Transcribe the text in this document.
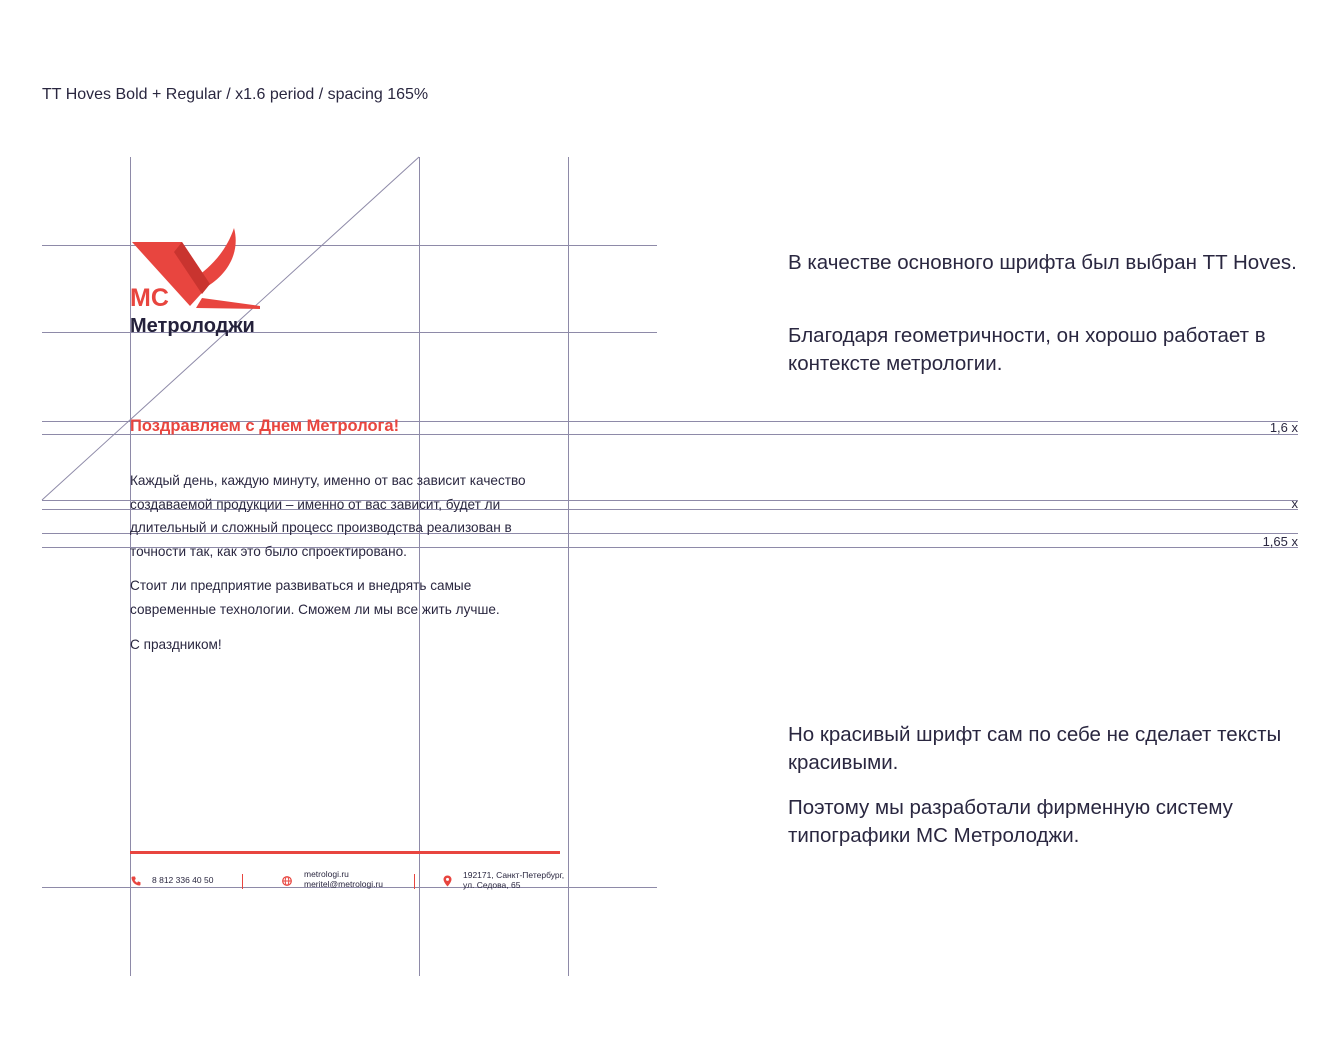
TT Hoves Bold + Regular / x1.6 period / spacing 165%
MC
Метролоджи
Поздравляем с Днем Метролога!
Каждый день, каждую минуту, именно от вас зависит качество создаваемой продукции – именно от вас зависит, будет ли длительный и сложный процесс производства реализован в точности так, как это было спроектировано.
Стоит ли предприятие развиваться и внедрять самые современные технологии. Сможем ли мы все жить лучше.
С праздником!
8 812 336 40 50
metrologi.ru
meritel@metrologi.ru
192171, Санкт-Петербург,
ул. Седова, 65
1,6 x
x
1,65 x

В качестве основного шрифта был выбран TT Hoves.

Благодаря геометричности, он хорошо работает в контексте метрологии.

Но красивый шрифт сам по себе не сделает тексты красивыми.

Поэтому мы разработали фирменную систему типографики МС Метролоджи.
